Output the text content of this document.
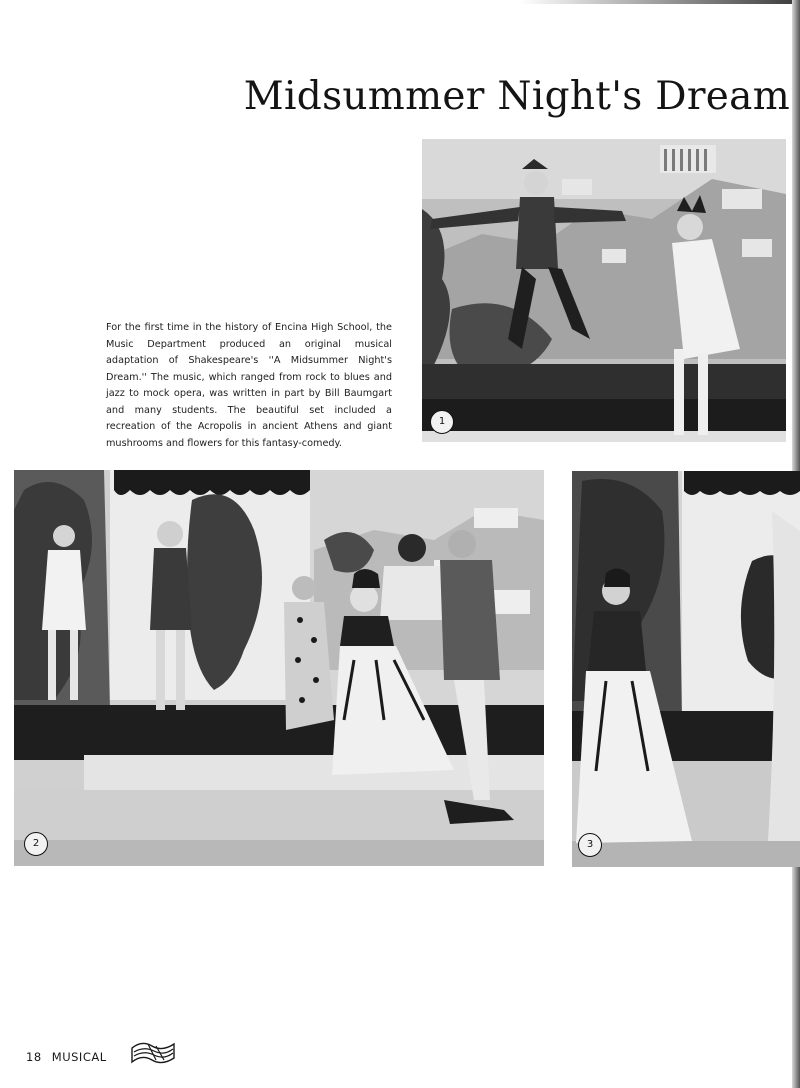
Midsummer Night's Dream

For the first time in the history of Encina High School, the Music Department produced an original musical adaptation of Shakespeare's ''A Midsummer Night's Dream.'' The music, which ranged from rock to blues and jazz to mock opera, was written in part by Bill Baumgart and many students. The beautiful set included a recreation of the Acropolis in ancient Athens and giant mushrooms and flowers for this fantasy-comedy.

1
2	3
18 MUSICAL
